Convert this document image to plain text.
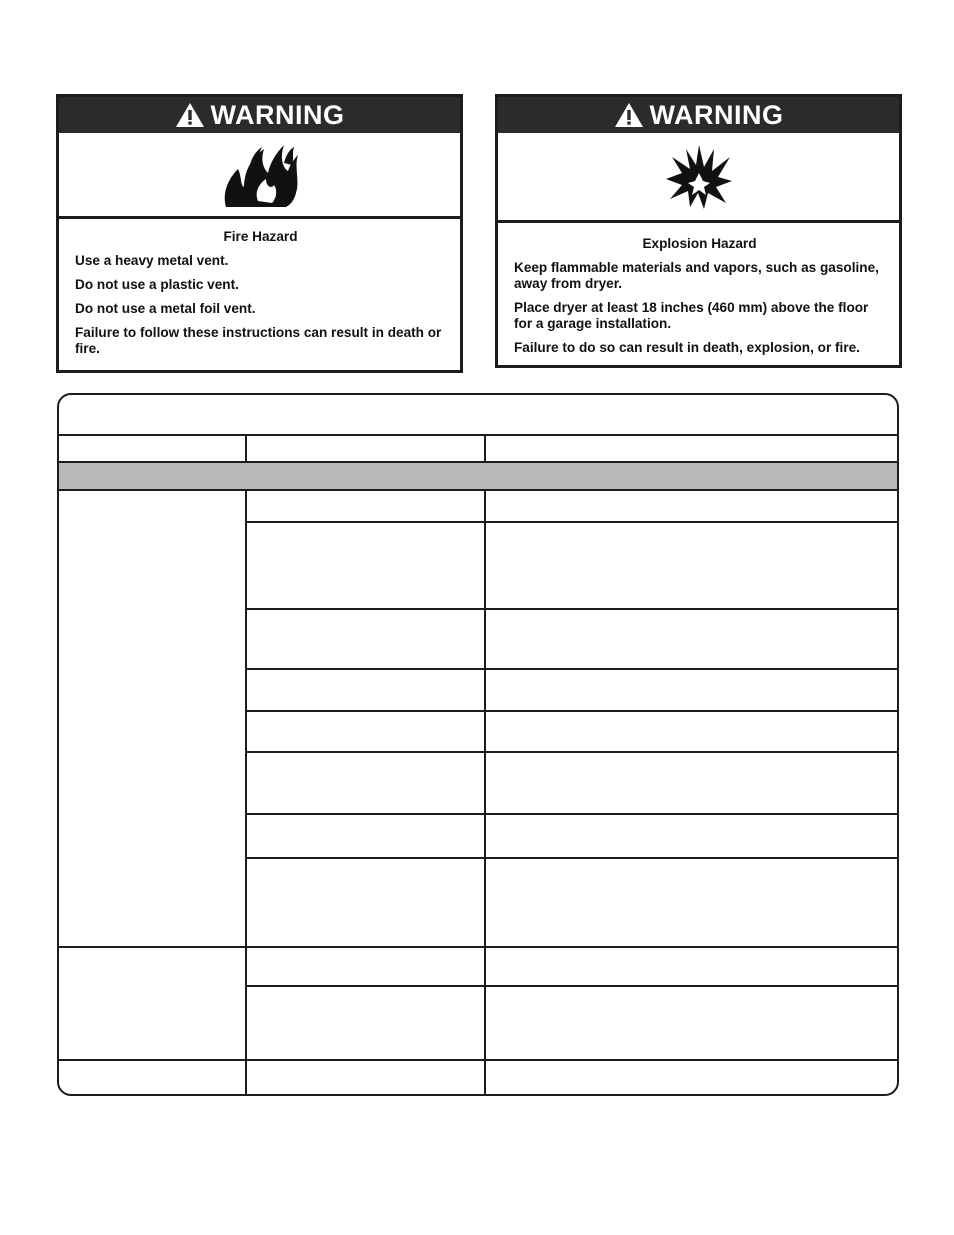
WARNING
Fire Hazard

Use a heavy metal vent.

Do not use a plastic vent.

Do not use a metal foil vent.

Failure to follow these instructions can result in death or fire.

WARNING
Explosion Hazard

Keep flammable materials and vapors, such as gasoline, away from dryer.

Place dryer at least 18 inches (460 mm) above the floor for a garage installation.

Failure to do so can result in death, explosion, or fire.
